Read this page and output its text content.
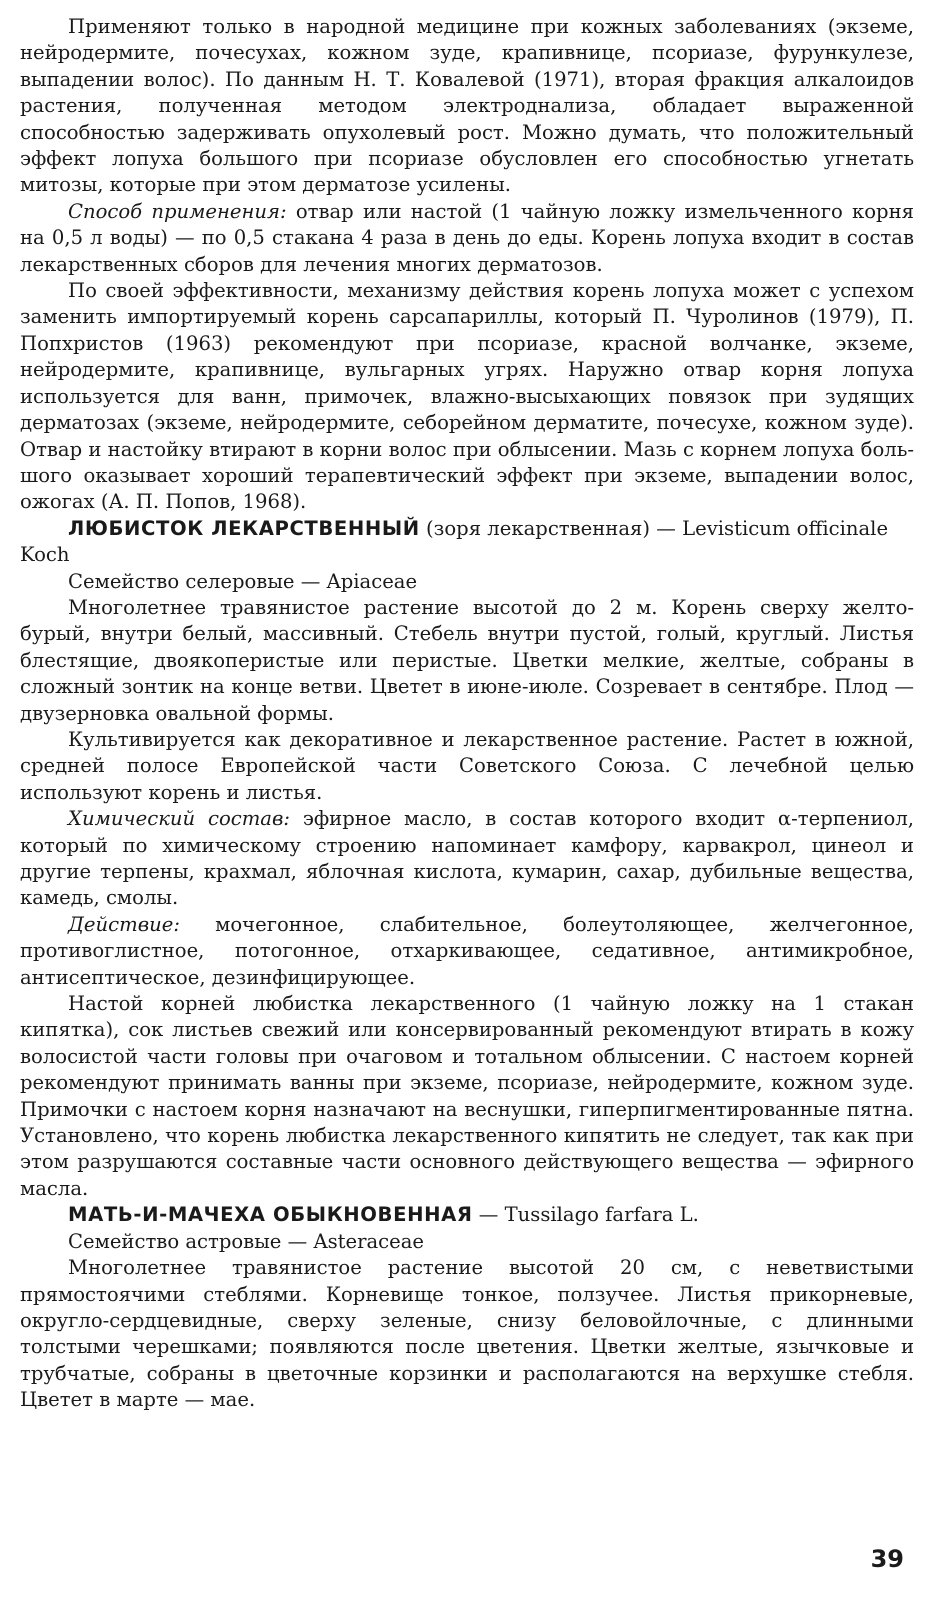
Применяют только в народной медицине при кожных заболеваниях (экземе, нейродермите, почесухах, кожном зуде, крапивнице, псориазе, фурункулезе, выпадении волос). По данным Н. Т. Ковалевой (1971), вторая фракция алкалоидов растения, полученная методом электроднализа, обладает выраженной способностью задерживать опухолевый рост. Можно думать, что положительный эффект лопуха большого при псориазе обусловлен его способностью угнетать митозы, которые при этом дерматозе усилены.

Способ применения: отвар или настой (1 чайную ложку измельченного корня на 0,5 л воды) — по 0,5 стакана 4 раза в день до еды. Корень лопуха входит в состав лекарственных сборов для лечения многих дерматозов.

По своей эффективности, механизму действия корень лопуха может с успехом заменить импортируемый корень сарсапариллы, который П. Чуролинов (1979), П. Попхристов (1963) рекомендуют при псориазе, красной волчанке, экземе, нейродермите, крапивнице, вульгарных угрях. Наружно отвар корня лопуха используется для ванн, примочек, влажно-высыхающих повязок при зудящих дерматозах (экземе, нейродермите, себорейном дерматите, почесухе, кожном зуде). Отвар и настойку втирают в корни волос при облысении. Мазь с корнем лопуха большого оказывает хороший терапевтический эффект при экземе, выпадении волос, ожогах (А. П. Попов, 1968).

ЛЮБИСТОК ЛЕКАРСТВЕННЫЙ (зоря лекарственная) — Levisticum officinale Koch
Семейство селеровые — Apiaceae

Многолетнее травянистое растение высотой до 2 м. Корень сверху желто-бурый, внутри белый, массивный. Стебель внутри пустой, голый, круглый. Листья блестящие, двоякоперистые или перистые. Цветки мелкие, желтые, собраны в сложный зонтик на конце ветви. Цветет в июне-июле. Созревает в сентябре. Плод — двузерновка овальной формы.

Культивируется как декоративное и лекарственное растение. Растет в южной, средней полосе Европейской части Советского Союза. С лечебной целью используют корень и листья.

Химический состав: эфирное масло, в состав которого входит α-терпениол, который по химическому строению напоминает камфору, карвакрол, цинеол и другие терпены, крахмал, яблочная кислота, кумарин, сахар, дубильные вещества, камедь, смолы.

Действие: мочегонное, слабительное, болеутоляющее, желчегонное, противоглистное, потогонное, отхаркивающее, седативное, антимикробное, антисептическое, дезинфицирующее.

Настой корней любистка лекарственного (1 чайную ложку на 1 стакан кипятка), сок листьев свежий или консервированный рекомендуют втирать в кожу волосистой части головы при очаговом и тотальном облысении. С настоем корней рекомендуют принимать ванны при экземе, псориазе, нейродермите, кожном зуде. Примочки с настоем корня назначают на веснушки, гиперпигментированные пятна. Установлено, что корень любистка лекарственного кипятить не следует, так как при этом разрушаются составные части основного действующего вещества — эфирного масла.

МАТЬ-И-МАЧЕХА ОБЫКНОВЕННАЯ — Tussilago farfara L.
Семейство астровые — Asteraceae

Многолетнее травянистое растение высотой 20 см, с неветвистыми прямостоячими стеблями. Корневище тонкое, ползучее. Листья прикорневые, округло-сердцевидные, сверху зеленые, снизу беловойлочные, с длинными толстыми черешками; появляются после цветения. Цветки желтые, язычковые и трубчатые, собраны в цветочные корзинки и располагаются на верхушке стебля. Цветет в марте — мае.

39
